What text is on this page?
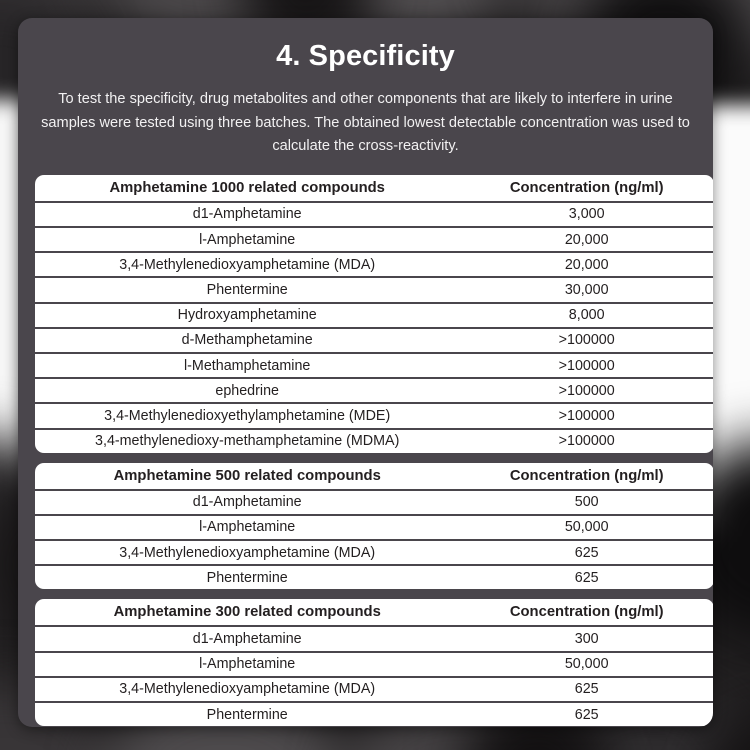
4. Specificity

To test the specificity, drug metabolites and other components that are likely to interfere in urine samples were tested using three batches. The obtained lowest detectable concentration was used to calculate the cross-reactivity.

Amphetamine 1000 related compounds	Concentration (ng/ml)
d1-Amphetamine	3,000
l-Amphetamine	20,000
3,4-Methylenedioxyamphetamine (MDA)	20,000
Phentermine	30,000
Hydroxyamphetamine	8,000
d-Methamphetamine	>100000
l-Methamphetamine	>100000
ephedrine	>100000
3,4-Methylenedioxyethylamphetamine (MDE)	>100000
3,4-methylenedioxy-methamphetamine (MDMA)	>100000
Amphetamine 500 related compounds	Concentration (ng/ml)
d1-Amphetamine	500
l-Amphetamine	50,000
3,4-Methylenedioxyamphetamine (MDA)	625
Phentermine	625
Amphetamine 300 related compounds	Concentration (ng/ml)
d1-Amphetamine	300
l-Amphetamine	50,000
3,4-Methylenedioxyamphetamine (MDA)	625
Phentermine	625
